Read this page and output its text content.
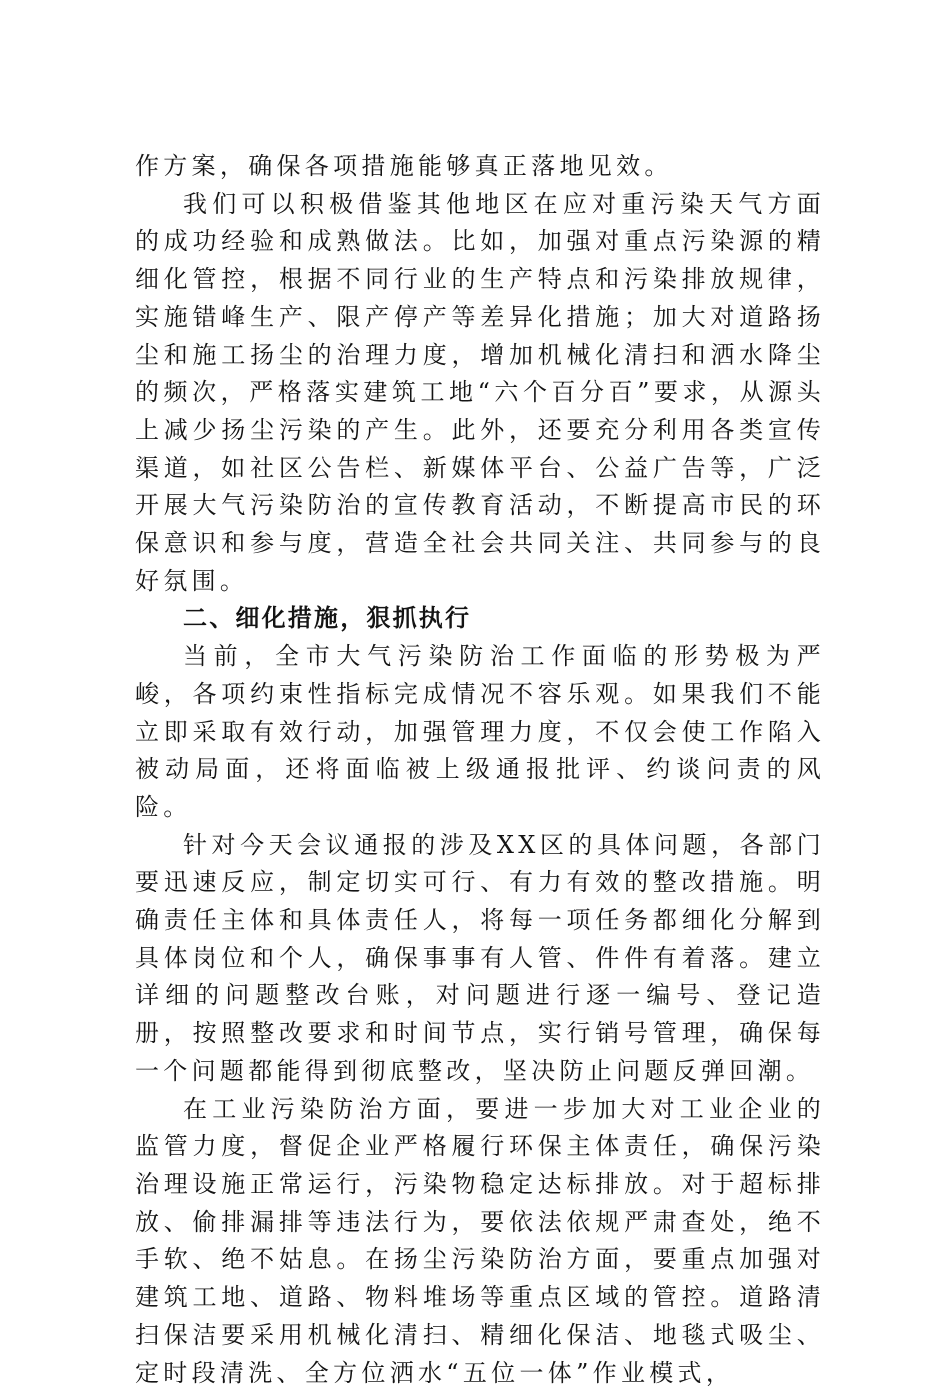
作方案，确保各项措施能够真正落地见效。

我们可以积极借鉴其他地区在应对重污染天气方面的成功经验和成熟做法。比如，加强对重点污染源的精细化管控，根据不同行业的生产特点和污染排放规律，实施错峰生产、限产停产等差异化措施；加大对道路扬尘和施工扬尘的治理力度，增加机械化清扫和洒水降尘的频次，严格落实建筑工地“六个百分百”要求，从源头上减少扬尘污染的产生。此外，还要充分利用各类宣传渠道，如社区公告栏、新媒体平台、公益广告等，广泛开展大气污染防治的宣传教育活动，不断提高市民的环保意识和参与度，营造全社会共同关注、共同参与的良好氛围。

二、细化措施，狠抓执行

当前，全市大气污染防治工作面临的形势极为严峻，各项约束性指标完成情况不容乐观。如果我们不能立即采取有效行动，加强管理力度，不仅会使工作陷入被动局面，还将面临被上级通报批评、约谈问责的风险。

针对今天会议通报的涉及XX区的具体问题，各部门要迅速反应，制定切实可行、有力有效的整改措施。明确责任主体和具体责任人，将每一项任务都细化分解到具体岗位和个人，确保事事有人管、件件有着落。建立详细的问题整改台账，对问题进行逐一编号、登记造册，按照整改要求和时间节点，实行销号管理，确保每一个问题都能得到彻底整改，坚决防止问题反弹回潮。

在工业污染防治方面，要进一步加大对工业企业的监管力度，督促企业严格履行环保主体责任，确保污染治理设施正常运行，污染物稳定达标排放。对于超标排放、偷排漏排等违法行为，要依法依规严肃查处，绝不手软、绝不姑息。在扬尘污染防治方面，要重点加强对建筑工地、道路、物料堆场等重点区域的管控。道路清扫保洁要采用机械化清扫、精细化保洁、地毯式吸尘、定时段清洗、全方位洒水“五位一体”作业模式，
